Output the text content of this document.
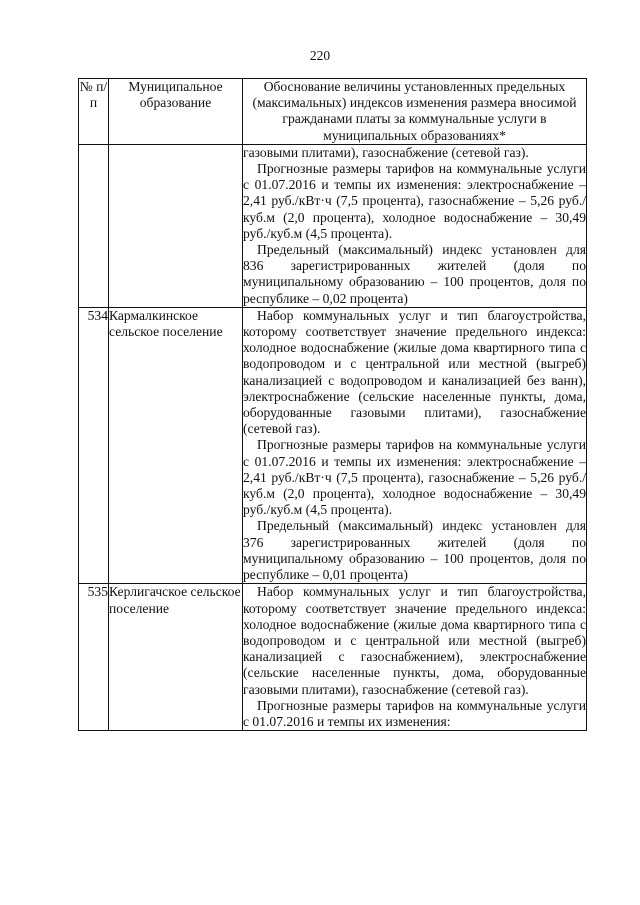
220
№ п/п	Муниципальное образование	Обоснование величины установленных предельных (максимальных) индексов изменения размера вносимой гражданами платы за коммунальные услуги в муниципальных образованиях*

		газовыми плитами), газоснабжение (сетевой газ).

Прогнозные размеры тарифов на коммунальные услуги с 01.07.2016 и темпы их изменения: электроснабжение – 2,41 руб./кВт·ч (7,5 процента), газоснабжение – 5,26 руб./куб.м (2,0 процента), холодное водоснабжение – 30,49 руб./куб.м (4,5 процента).

Предельный (максимальный) индекс установлен для 836 зарегистрированных жителей (доля по муниципальному образованию – 100 процентов, доля по республике – 0,02 процента)

534	Кармалкинское сельское поселение	Набор коммунальных услуг и тип благоустройства, которому соответствует значение предельного индекса: холодное водоснабжение (жилые дома квартирного типа с водопроводом и с центральной или местной (выгреб) канализацией с водопроводом и канализацией без ванн), электроснабжение (сельские населенные пункты, дома, оборудованные газовыми плитами), газоснабжение (сетевой газ).

Прогнозные размеры тарифов на коммунальные услуги с 01.07.2016 и темпы их изменения: электроснабжение – 2,41 руб./кВт·ч (7,5 процента), газоснабжение – 5,26 руб./куб.м (2,0 процента), холодное водоснабжение – 30,49 руб./куб.м (4,5 процента).

Предельный (максимальный) индекс установлен для 376 зарегистрированных жителей (доля по муниципальному образованию – 100 процентов, доля по республике – 0,01 процента)

535	Керлигачское сельское поселение	Набор коммунальных услуг и тип благоустройства, которому соответствует значение предельного индекса: холодное водоснабжение (жилые дома квартирного типа с водопроводом и с центральной или местной (выгреб) канализацией с газоснабжением), электроснабжение (сельские населенные пункты, дома, оборудованные газовыми плитами), газоснабжение (сетевой газ).

Прогнозные размеры тарифов на коммунальные услуги с 01.07.2016 и темпы их изменения:
